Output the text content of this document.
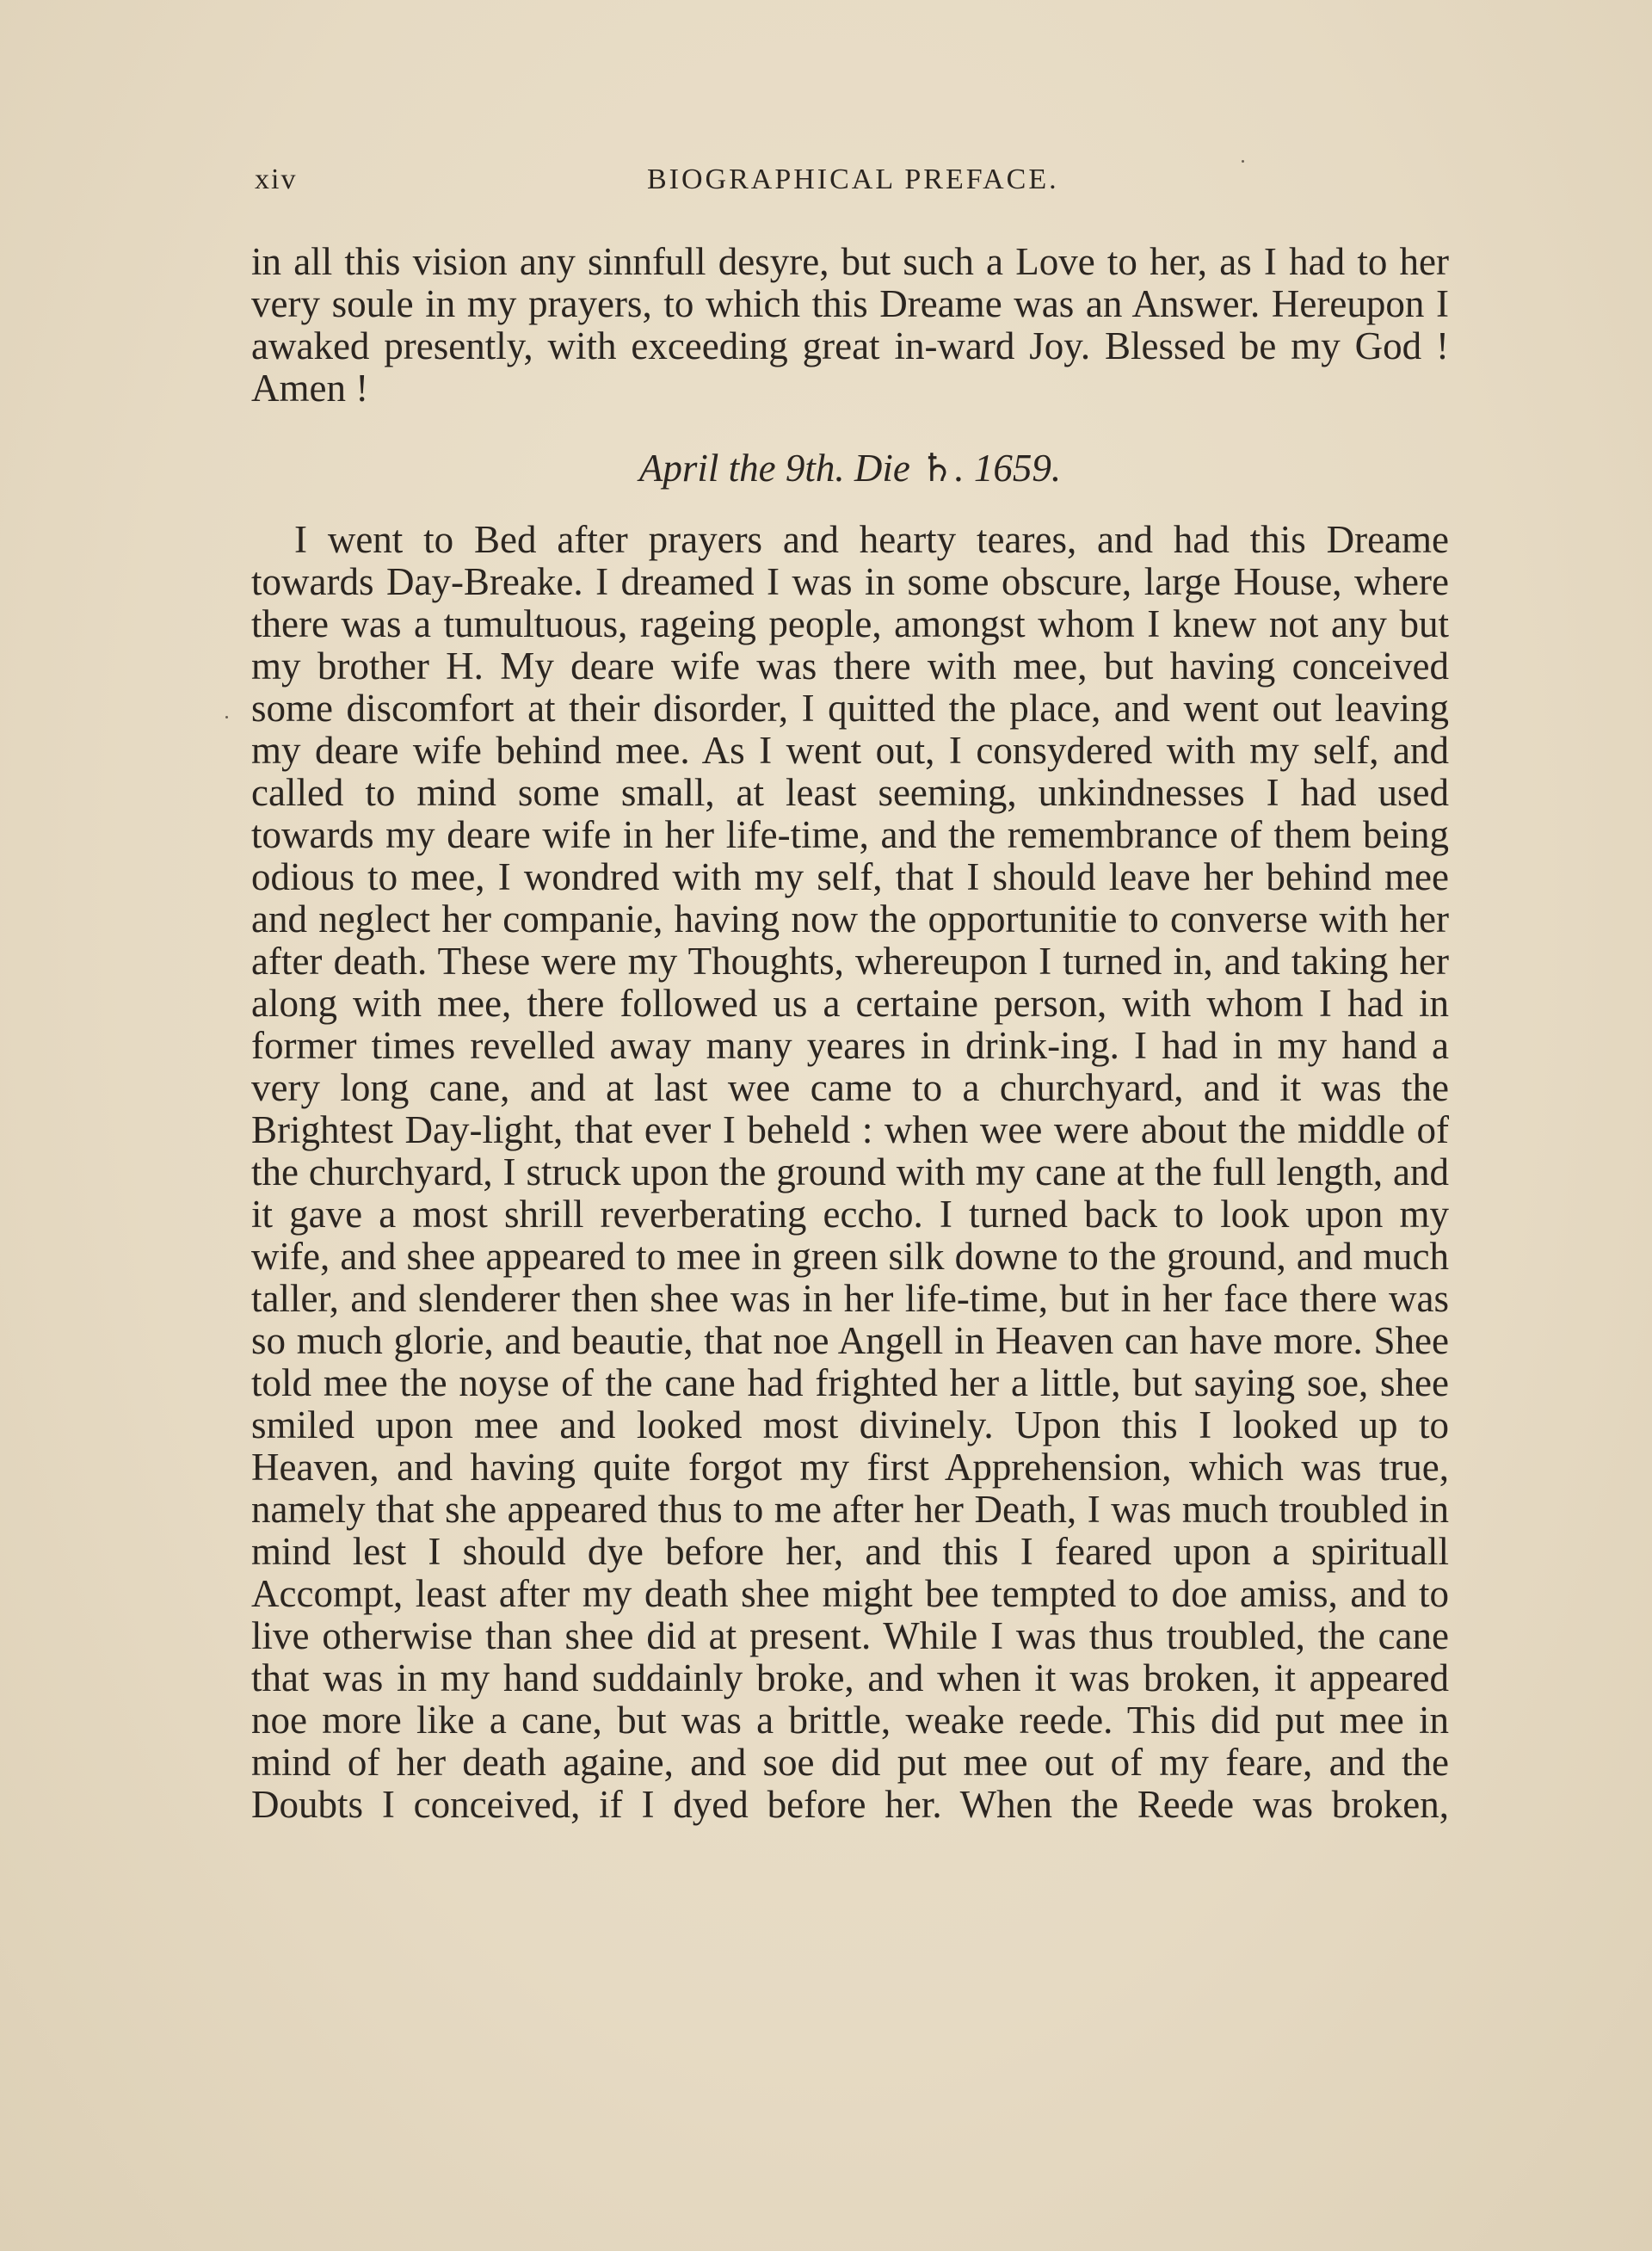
xiv	BIOGRAPHICAL PREFACE.

in all this vision any sinnfull desyre, but such a Love to her, as I had to her very soule in my prayers, to which this Dreame was an Answer. Hereupon I awaked presently, with exceeding great in-ward Joy. Blessed be my God ! Amen !

April the 9th. Die ♄. 1659.

I went to Bed after prayers and hearty teares, and had this Dreame towards Day-Breake. I dreamed I was in some obscure, large House, where there was a tumultuous, rageing people, amongst whom I knew not any but my brother H. My deare wife was there with mee, but having conceived some discomfort at their disorder, I quitted the place, and went out leaving my deare wife behind mee. As I went out, I consydered with my self, and called to mind some small, at least seeming, unkindnesses I had used towards my deare wife in her life-time, and the remembrance of them being odious to mee, I wondred with my self, that I should leave her behind mee and neglect her companie, having now the opportunitie to converse with her after death. These were my Thoughts, whereupon I turned in, and taking her along with mee, there followed us a certaine person, with whom I had in former times revelled away many yeares in drink-ing. I had in my hand a very long cane, and at last wee came to a churchyard, and it was the Brightest Day-light, that ever I beheld : when wee were about the middle of the churchyard, I struck upon the ground with my cane at the full length, and it gave a most shrill reverberating eccho. I turned back to look upon my wife, and shee appeared to mee in green silk downe to the ground, and much taller, and slenderer then shee was in her life-time, but in her face there was so much glorie, and beautie, that noe Angell in Heaven can have more. Shee told mee the noyse of the cane had frighted her a little, but saying soe, shee smiled upon mee and looked most divinely. Upon this I looked up to Heaven, and having quite forgot my first Apprehension, which was true, namely that she appeared thus to me after her Death, I was much troubled in mind lest I should dye before her, and this I feared upon a spirituall Accompt, least after my death shee might bee tempted to doe amiss, and to live otherwise than shee did at present. While I was thus troubled, the cane that was in my hand suddainly broke, and when it was broken, it appeared noe more like a cane, but was a brittle, weake reede. This did put mee in mind of her death againe, and soe did put mee out of my feare, and the Doubts I conceived, if I dyed before her. When the Reede was broken,
